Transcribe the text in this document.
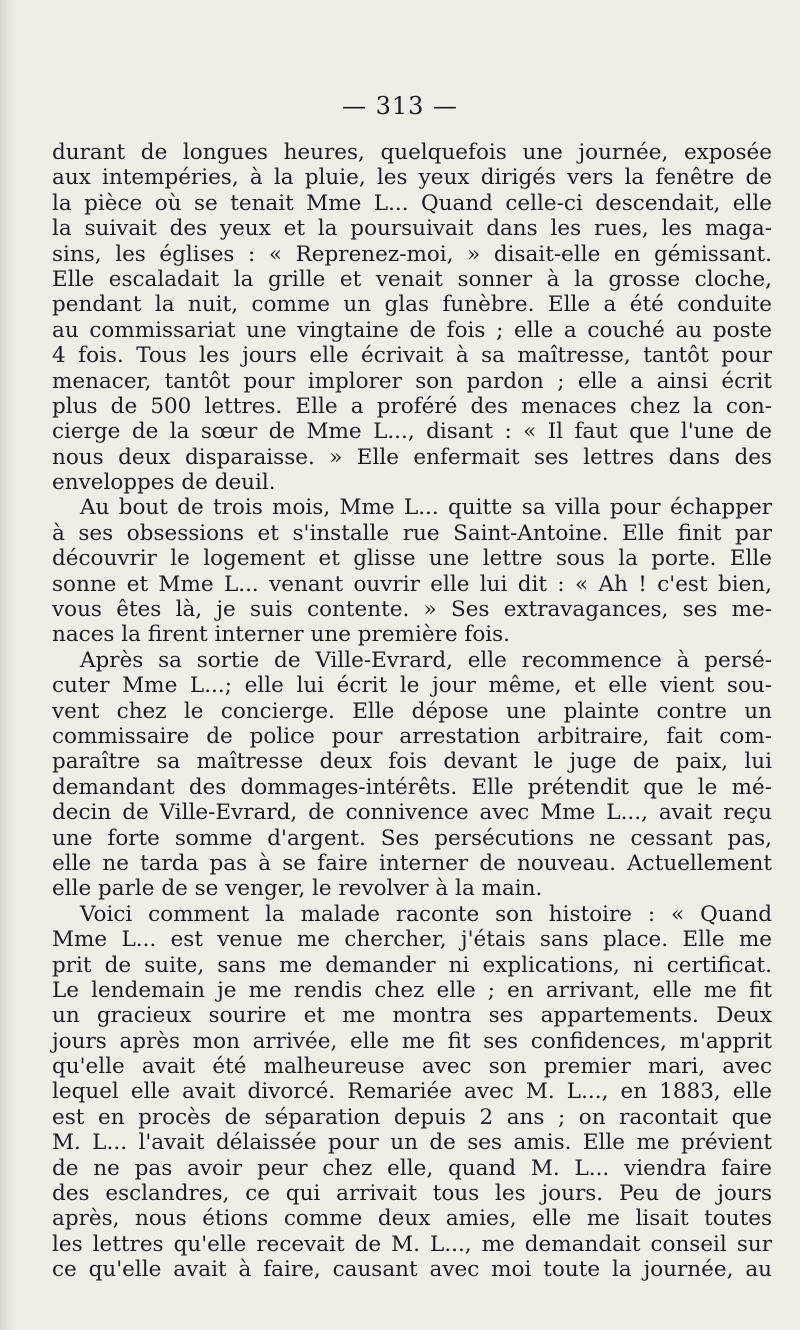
— 313 —
durant de longues heures, quelquefois une journée, exposée
aux intempéries, à la pluie, les yeux dirigés vers la fenêtre de
la pièce où se tenait Mme L... Quand celle-ci descendait, elle
la suivait des yeux et la poursuivait dans les rues, les maga-
sins, les églises : « Reprenez-moi, » disait-elle en gémissant.
Elle escaladait la grille et venait sonner à la grosse cloche,
pendant la nuit, comme un glas funèbre. Elle a été conduite
au commissariat une vingtaine de fois ; elle a couché au poste
4 fois. Tous les jours elle écrivait à sa maîtresse, tantôt pour
menacer, tantôt pour implorer son pardon ; elle a ainsi écrit
plus de 500 lettres. Elle a proféré des menaces chez la con-
cierge de la sœur de Mme L..., disant : « Il faut que l'une de
nous deux disparaisse. » Elle enfermait ses lettres dans des
enveloppes de deuil.
Au bout de trois mois, Mme L... quitte sa villa pour échapper
à ses obsessions et s'installe rue Saint-Antoine. Elle finit par
découvrir le logement et glisse une lettre sous la porte. Elle
sonne et Mme L... venant ouvrir elle lui dit : « Ah ! c'est bien,
vous êtes là, je suis contente. » Ses extravagances, ses me-
naces la firent interner une première fois.
Après sa sortie de Ville-Evrard, elle recommence à persé-
cuter Mme L...; elle lui écrit le jour même, et elle vient sou-
vent chez le concierge. Elle dépose une plainte contre un
commissaire de police pour arrestation arbitraire, fait com-
paraître sa maîtresse deux fois devant le juge de paix, lui
demandant des dommages-intérêts. Elle prétendit que le mé-
decin de Ville-Evrard, de connivence avec Mme L..., avait reçu
une forte somme d'argent. Ses persécutions ne cessant pas,
elle ne tarda pas à se faire interner de nouveau. Actuellement
elle parle de se venger, le revolver à la main.
Voici comment la malade raconte son histoire : « Quand
Mme L... est venue me chercher, j'étais sans place. Elle me
prit de suite, sans me demander ni explications, ni certificat.
Le lendemain je me rendis chez elle ; en arrivant, elle me fit
un gracieux sourire et me montra ses appartements. Deux
jours après mon arrivée, elle me fit ses confidences, m'apprit
qu'elle avait été malheureuse avec son premier mari, avec
lequel elle avait divorcé. Remariée avec M. L..., en 1883, elle
est en procès de séparation depuis 2 ans ; on racontait que
M. L... l'avait délaissée pour un de ses amis. Elle me prévient
de ne pas avoir peur chez elle, quand M. L... viendra faire
des esclandres, ce qui arrivait tous les jours. Peu de jours
après, nous étions comme deux amies, elle me lisait toutes
les lettres qu'elle recevait de M. L..., me demandait conseil sur
ce qu'elle avait à faire, causant avec moi toute la journée, au
